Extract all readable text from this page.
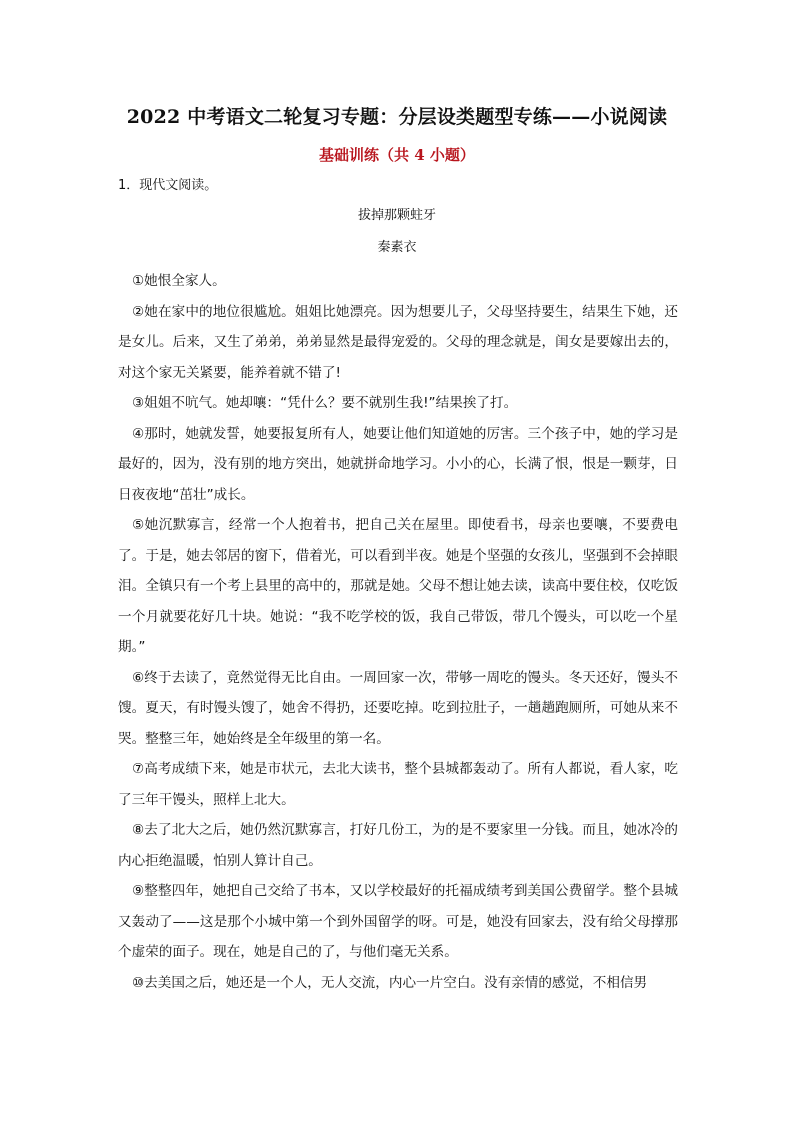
2022 中考语文二轮复习专题：分层设类题型专练——小说阅读
基础训练（共 4 小题）
1．现代文阅读。
拔掉那颗蛀牙
秦素衣

①她恨全家人。

②她在家中的地位很尴尬。姐姐比她漂亮。因为想要儿子，父母坚持要生，结果生下她，还是女儿。后来，又生了弟弟，弟弟显然是最得宠爱的。父母的理念就是，闺女是要嫁出去的，对这个家无关紧要，能养着就不错了!

③姐姐不吭气。她却嚷：“凭什么？要不就别生我!”结果挨了打。

④那时，她就发誓，她要报复所有人，她要让他们知道她的厉害。三个孩子中，她的学习是最好的，因为，没有别的地方突出，她就拼命地学习。小小的心，长满了恨，恨是一颗芽，日日夜夜地“茁壮”成长。

⑤她沉默寡言，经常一个人抱着书，把自己关在屋里。即使看书，母亲也要嚷，不要费电了。于是，她去邻居的窗下，借着光，可以看到半夜。她是个坚强的女孩儿，坚强到不会掉眼泪。全镇只有一个考上县里的高中的，那就是她。父母不想让她去读，读高中要住校，仅吃饭一个月就要花好几十块。她说：“我不吃学校的饭，我自己带饭，带几个馒头，可以吃一个星期。”

⑥终于去读了，竟然觉得无比自由。一周回家一次，带够一周吃的馒头。冬天还好，馒头不馊。夏天，有时馒头馊了，她舍不得扔，还要吃掉。吃到拉肚子，一趟趟跑厕所，可她从来不哭。整整三年，她始终是全年级里的第一名。

⑦高考成绩下来，她是市状元，去北大读书，整个县城都轰动了。所有人都说，看人家，吃了三年干馒头，照样上北大。

⑧去了北大之后，她仍然沉默寡言，打好几份工，为的是不要家里一分钱。而且，她冰冷的内心拒绝温暖，怕别人算计自己。

⑨整整四年，她把自己交给了书本，又以学校最好的托福成绩考到美国公费留学。整个县城又轰动了——这是那个小城中第一个到外国留学的呀。可是，她没有回家去，没有给父母撑那个虚荣的面子。现在，她是自己的了，与他们毫无关系。

⑩去美国之后，她还是一个人，无人交流，内心一片空白。没有亲情的感觉，不相信男
